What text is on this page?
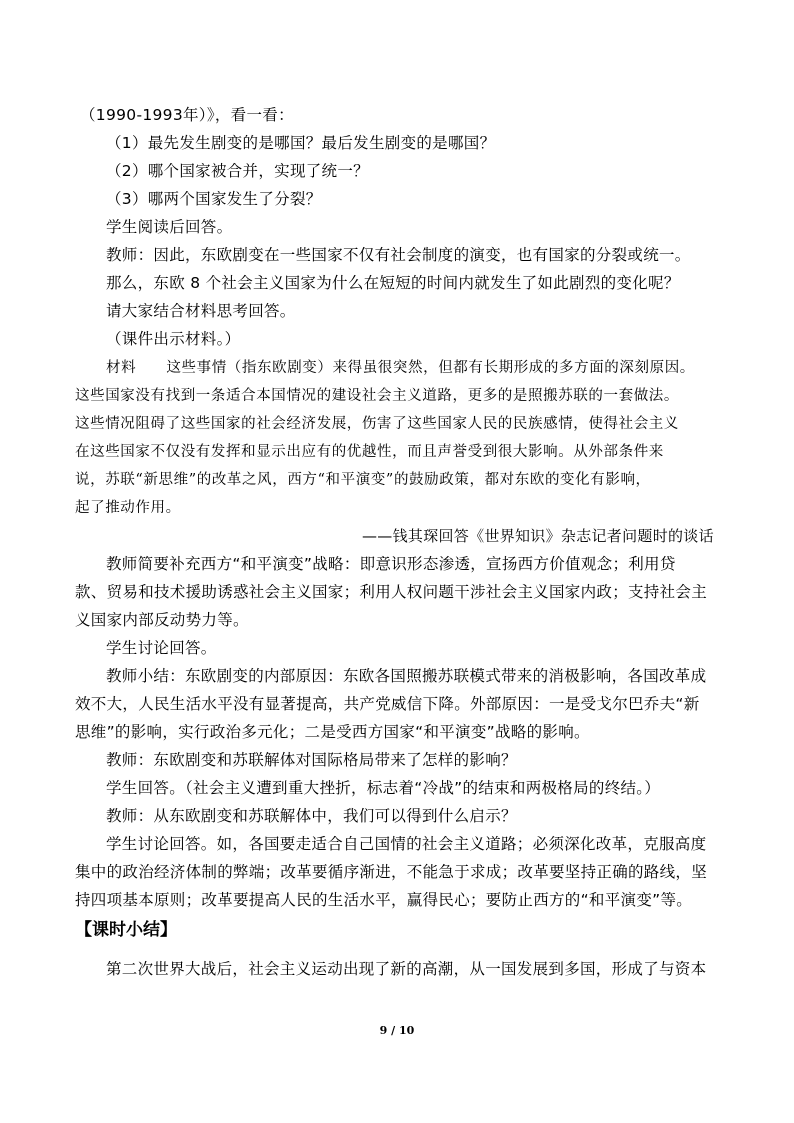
（1990-1993年）》，看一看：
（1）最先发生剧变的是哪国？最后发生剧变的是哪国？
（2）哪个国家被合并，实现了统一？
（3）哪两个国家发生了分裂？
学生阅读后回答。
教师：因此，东欧剧变在一些国家不仅有社会制度的演变，也有国家的分裂或统一。
那么，东欧 8 个社会主义国家为什么在短短的时间内就发生了如此剧烈的变化呢？
请大家结合材料思考回答。
（课件出示材料。）
材料　　这些事情（指东欧剧变）来得虽很突然，但都有长期形成的多方面的深刻原因。
这些国家没有找到一条适合本国情况的建设社会主义道路，更多的是照搬苏联的一套做法。
这些情况阻碍了这些国家的社会经济发展，伤害了这些国家人民的民族感情，使得社会主义
在这些国家不仅没有发挥和显示出应有的优越性，而且声誉受到很大影响。从外部条件来
说，苏联“新思维”的改革之风，西方“和平演变”的鼓励政策，都对东欧的变化有影响，
起了推动作用。
——钱其琛回答《世界知识》杂志记者问题时的谈话
教师简要补充西方“和平演变”战略：即意识形态渗透，宣扬西方价值观念；利用贷
款、贸易和技术援助诱惑社会主义国家；利用人权问题干涉社会主义国家内政；支持社会主
义国家内部反动势力等。
学生讨论回答。
教师小结：东欧剧变的内部原因：东欧各国照搬苏联模式带来的消极影响，各国改革成
效不大，人民生活水平没有显著提高，共产党威信下降。外部原因：一是受戈尔巴乔夫“新
思维”的影响，实行政治多元化；二是受西方国家“和平演变”战略的影响。
教师：东欧剧变和苏联解体对国际格局带来了怎样的影响？
学生回答。（社会主义遭到重大挫折，标志着“冷战”的结束和两极格局的终结。）
教师：从东欧剧变和苏联解体中，我们可以得到什么启示？
学生讨论回答。如，各国要走适合自己国情的社会主义道路；必须深化改革，克服高度
集中的政治经济体制的弊端；改革要循序渐进，不能急于求成；改革要坚持正确的路线，坚
持四项基本原则；改革要提高人民的生活水平，赢得民心；要防止西方的“和平演变”等。
【课时小结】
第二次世界大战后，社会主义运动出现了新的高潮，从一国发展到多国，形成了与资本
9 / 10
